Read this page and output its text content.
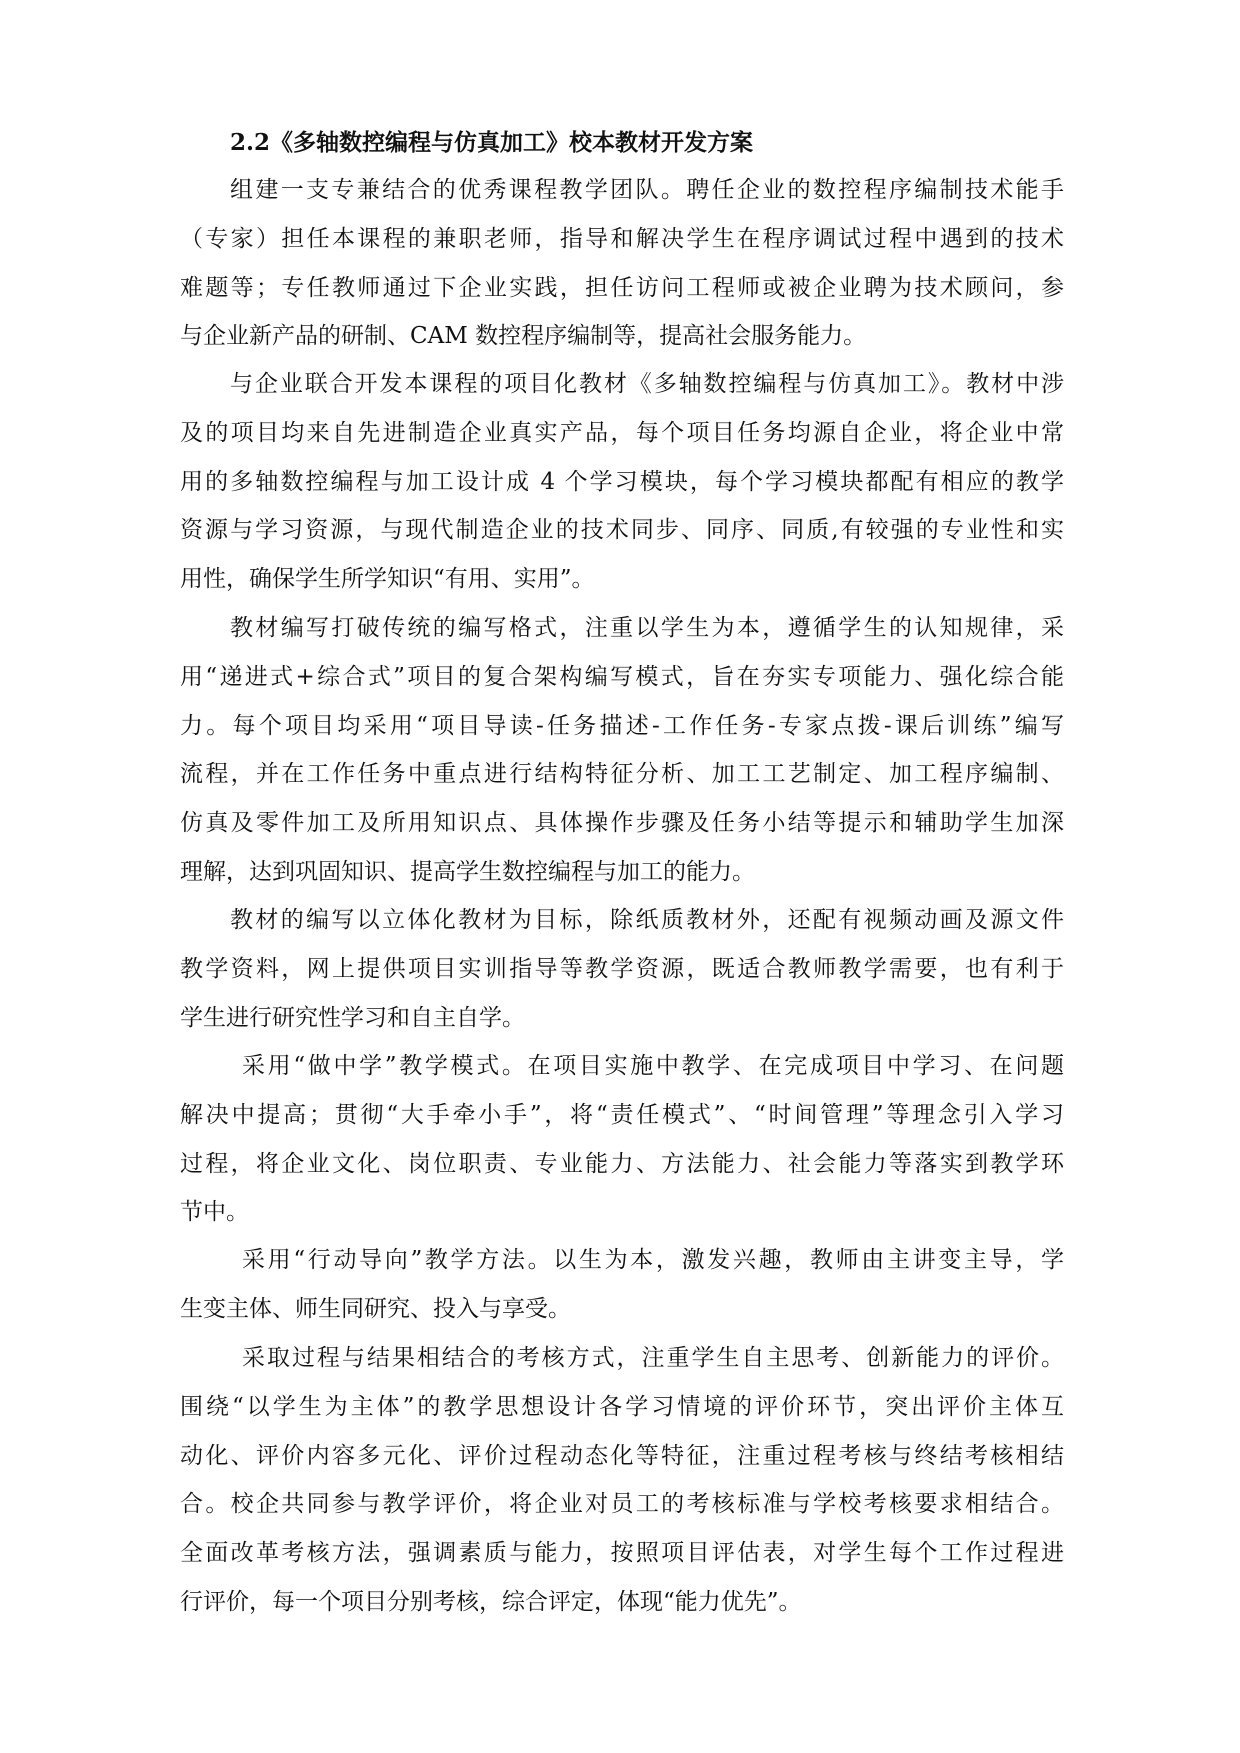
2.2《多轴数控编程与仿真加工》校本教材开发方案
组建一支专兼结合的优秀课程教学团队。聘任企业的数控程序编制技术能手
（专家）担任本课程的兼职老师，指导和解决学生在程序调试过程中遇到的技术
难题等；专任教师通过下企业实践，担任访问工程师或被企业聘为技术顾问，参
与企业新产品的研制、CAM 数控程序编制等，提高社会服务能力。
与企业联合开发本课程的项目化教材《多轴数控编程与仿真加工》。教材中涉
及的项目均来自先进制造企业真实产品，每个项目任务均源自企业，将企业中常
用的多轴数控编程与加工设计成 4 个学习模块，每个学习模块都配有相应的教学
资源与学习资源，与现代制造企业的技术同步、同序、同质,有较强的专业性和实
用性，确保学生所学知识“有用、实用”。
教材编写打破传统的编写格式，注重以学生为本，遵循学生的认知规律，采
用“递进式+综合式”项目的复合架构编写模式，旨在夯实专项能力、强化综合能
力。每个项目均采用“项目导读-任务描述-工作任务-专家点拨-课后训练”编写
流程，并在工作任务中重点进行结构特征分析、加工工艺制定、加工程序编制、
仿真及零件加工及所用知识点、具体操作步骤及任务小结等提示和辅助学生加深
理解，达到巩固知识、提高学生数控编程与加工的能力。
教材的编写以立体化教材为目标，除纸质教材外，还配有视频动画及源文件
教学资料，网上提供项目实训指导等教学资源，既适合教师教学需要，也有利于
学生进行研究性学习和自主自学。
采用“做中学”教学模式。在项目实施中教学、在完成项目中学习、在问题
解决中提高；贯彻“大手牵小手”，将“责任模式”、“时间管理”等理念引入学习
过程，将企业文化、岗位职责、专业能力、方法能力、社会能力等落实到教学环
节中。
采用“行动导向”教学方法。以生为本，激发兴趣，教师由主讲变主导，学
生变主体、师生同研究、投入与享受。
采取过程与结果相结合的考核方式，注重学生自主思考、创新能力的评价。
围绕“以学生为主体”的教学思想设计各学习情境的评价环节，突出评价主体互
动化、评价内容多元化、评价过程动态化等特征，注重过程考核与终结考核相结
合。校企共同参与教学评价，将企业对员工的考核标准与学校考核要求相结合。
全面改革考核方法，强调素质与能力，按照项目评估表，对学生每个工作过程进
行评价，每一个项目分别考核，综合评定，体现“能力优先”。
